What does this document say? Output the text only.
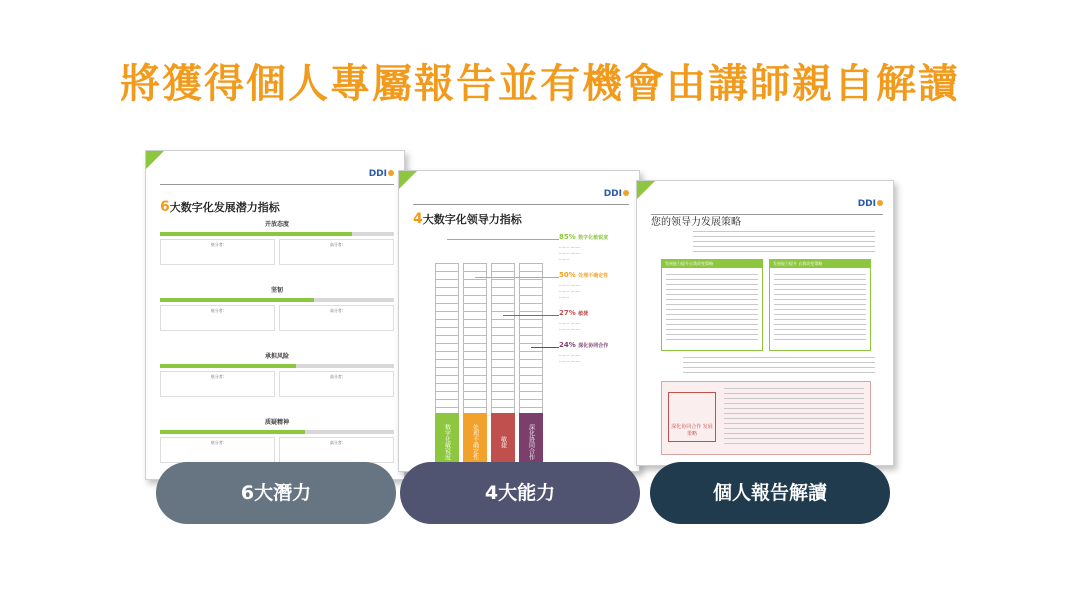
將獲得個人專屬報告並有機會由講師親自解讀
DDI
6大数字化发展潜力指标
开放态度
低分者:	高分者:
坚韧
低分者:	高分者:
承担风险
低分者:	高分者:
质疑精神
低分者:	高分者:
DDI
4大数字化领导力指标
数字化敏锐度	处理不确定性	敏捷	深化协同合作
85% 数字化敏锐度
········ ········
········ ········
········
50% 处理不确定性
········ ········
········ ········
········
27% 敏捷
········ ········
········ ········
24% 深化协同合作
········ ········
········ ········
DDI
您的领导力发展策略
发展能力提升自我改变策略	发展能力提升 自我改变策略
深化协同合作 发展策略
6大潛力	4大能力	個人報告解讀
